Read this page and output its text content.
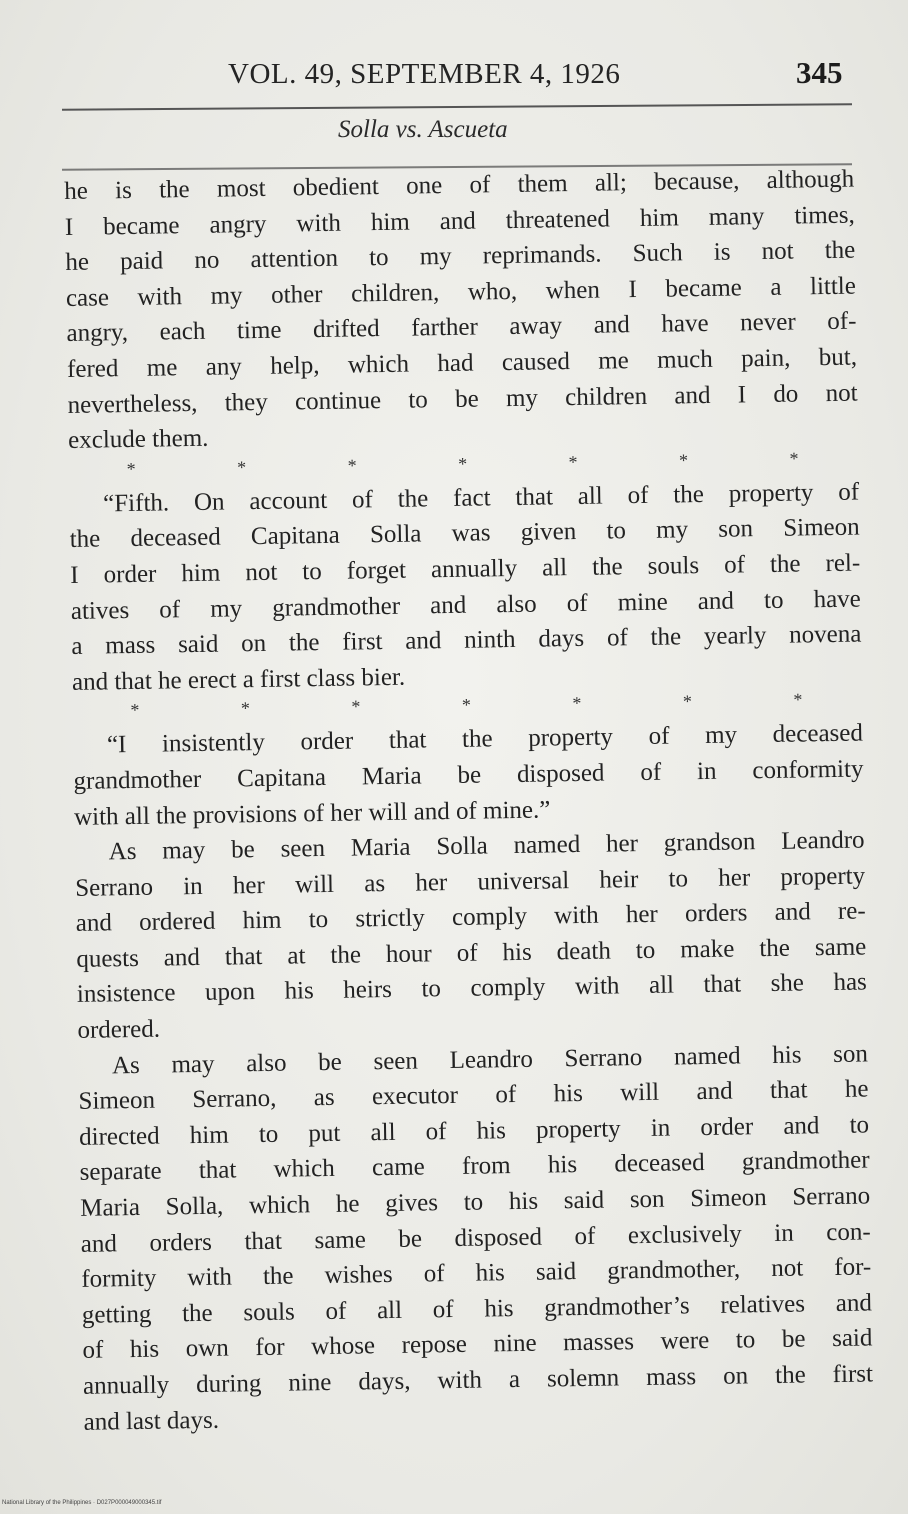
VOL. 49, SEPTEMBER 4, 1926	345
Solla vs. Ascueta

he is the most obedient one of them all; because, although
I became angry with him and threatened him many times,
he paid no attention to my reprimands. Such is not the
case with my other children, who, when I became a little
angry, each time drifted farther away and have never of-
fered me any help, which had caused me much pain, but,
nevertheless, they continue to be my children and I do not
exclude them.

*	*	*	*	*	*	*

“Fifth. On account of the fact that all of the property of
the deceased Capitana Solla was given to my son Simeon
I order him not to forget annually all the souls of the rel-
atives of my grandmother and also of mine and to have
a mass said on the first and ninth days of the yearly novena
and that he erect a first class bier.

*	*	*	*	*	*	*

“I insistently order that the property of my deceased
grandmother Capitana Maria be disposed of in conformity
with all the provisions of her will and of mine.”

As may be seen Maria Solla named her grandson Leandro
Serrano in her will as her universal heir to her property
and ordered him to strictly comply with her orders and re-
quests and that at the hour of his death to make the same
insistence upon his heirs to comply with all that she has
ordered.

As may also be seen Leandro Serrano named his son
Simeon Serrano, as executor of his will and that he
directed him to put all of his property in order and to
separate that which came from his deceased grandmother
Maria Solla, which he gives to his said son Simeon Serrano
and orders that same be disposed of exclusively in con-
formity with the wishes of his said grandmother, not for-
getting the souls of all of his grandmother’s relatives and
of his own for whose repose nine masses were to be said
annually during nine days, with a solemn mass on the first
and last days.

National Library of the Philippines · D027P000049000345.tif
